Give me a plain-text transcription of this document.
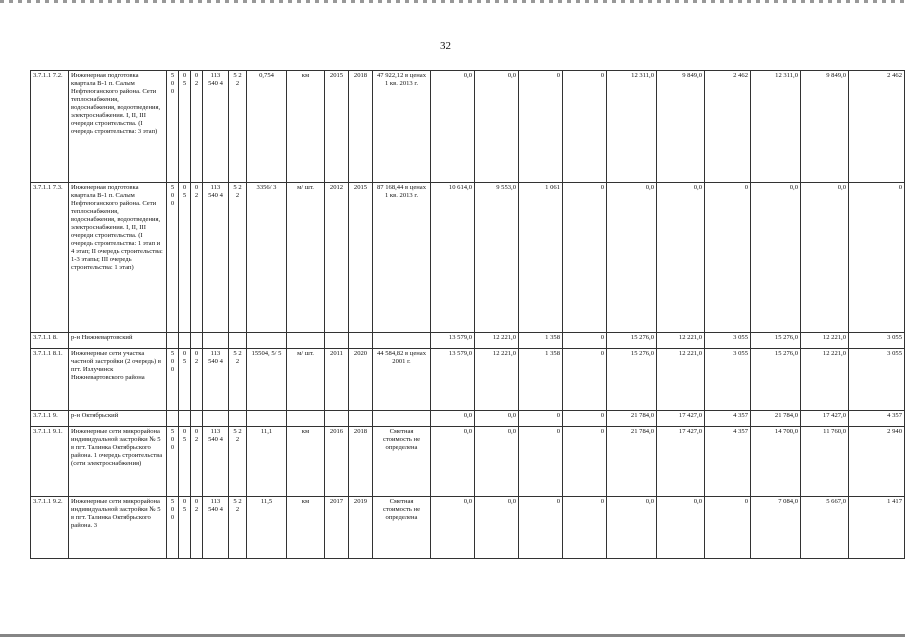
32
3.7.1.1 7.2.	Инженерная подготовка квартала В-1 п. Салым Нефтеюганского района. Сети теплоснабжения, водоснабжения, водоотведения, электроснабжения. I, II, III очереди строительства. (I очередь строительства: 3 этап)	5 0 0	0 5	0 2	113 540 4	5 2 2	0,754	км	2015	2018	47 922,12 в ценах 1 кв. 2013 г.	0,0	0,0	0	0	12 311,0	9 849,0	2 462	12 311,0	9 849,0	2 462
3.7.1.1 7.3.	Инженерная подготовка квартала В-1 п. Салым Нефтеюганского района. Сети теплоснабжения, водоснабжения, водоотведения, электроснабжения. I, II, III очереди строительства. (I очередь строительства: 1 этап и 4 этап; II очередь строительства: 1-3 этапы; III очередь строительства: 1 этап)	5 0 0	0 5	0 2	113 540 4	5 2 2	3356/ 3	м/ шт.	2012	2015	87 168,44 в ценах 1 кв. 2013 г.	10 614,0	9 553,0	1 061	0	0,0	0,0	0	0,0	0,0	0
3.7.1.1 8.	р-н Нижневартовский											13 579,0	12 221,0	1 358	0	15 276,0	12 221,0	3 055	15 276,0	12 221,0	3 055
3.7.1.1 8.1.	Инженерные сети участка частной застройки (2 очередь) в пгт. Излучинск Нижневартовского района	5 0 0	0 5	0 2	113 540 4	5 2 2	15504, 5/ 5	м/ шт.	2011	2020	44 584,82 в ценах 2001 г.	13 579,0	12 221,0	1 358	0	15 276,0	12 221,0	3 055	15 276,0	12 221,0	3 055
3.7.1.1 9.	р-н Октябрьский											0,0	0,0	0	0	21 784,0	17 427,0	4 357	21 784,0	17 427,0	4 357
3.7.1.1 9.1.	Инженерные сети микрорайона индивидуальной застройки № 5 в пгт. Талинка Октябрьского района. 1 очередь строительства (сети электроснабжения)	5 0 0	0 5	0 2	113 540 4	5 2 2	11,1	км	2016	2018	Сметная стоимость не определена	0,0	0,0	0	0	21 784,0	17 427,0	4 357	14 700,0	11 760,0	2 940
3.7.1.1 9.2.	Инженерные сети микрорайона индивидуальной застройки № 5 в пгт. Талинка Октябрьского района. 3	5 0 0	0 5	0 2	113 540 4	5 2 2	11,5	км	2017	2019	Сметная стоимость не определена	0,0	0,0	0	0	0,0	0,0	0	7 084,0	5 667,0	1 417
